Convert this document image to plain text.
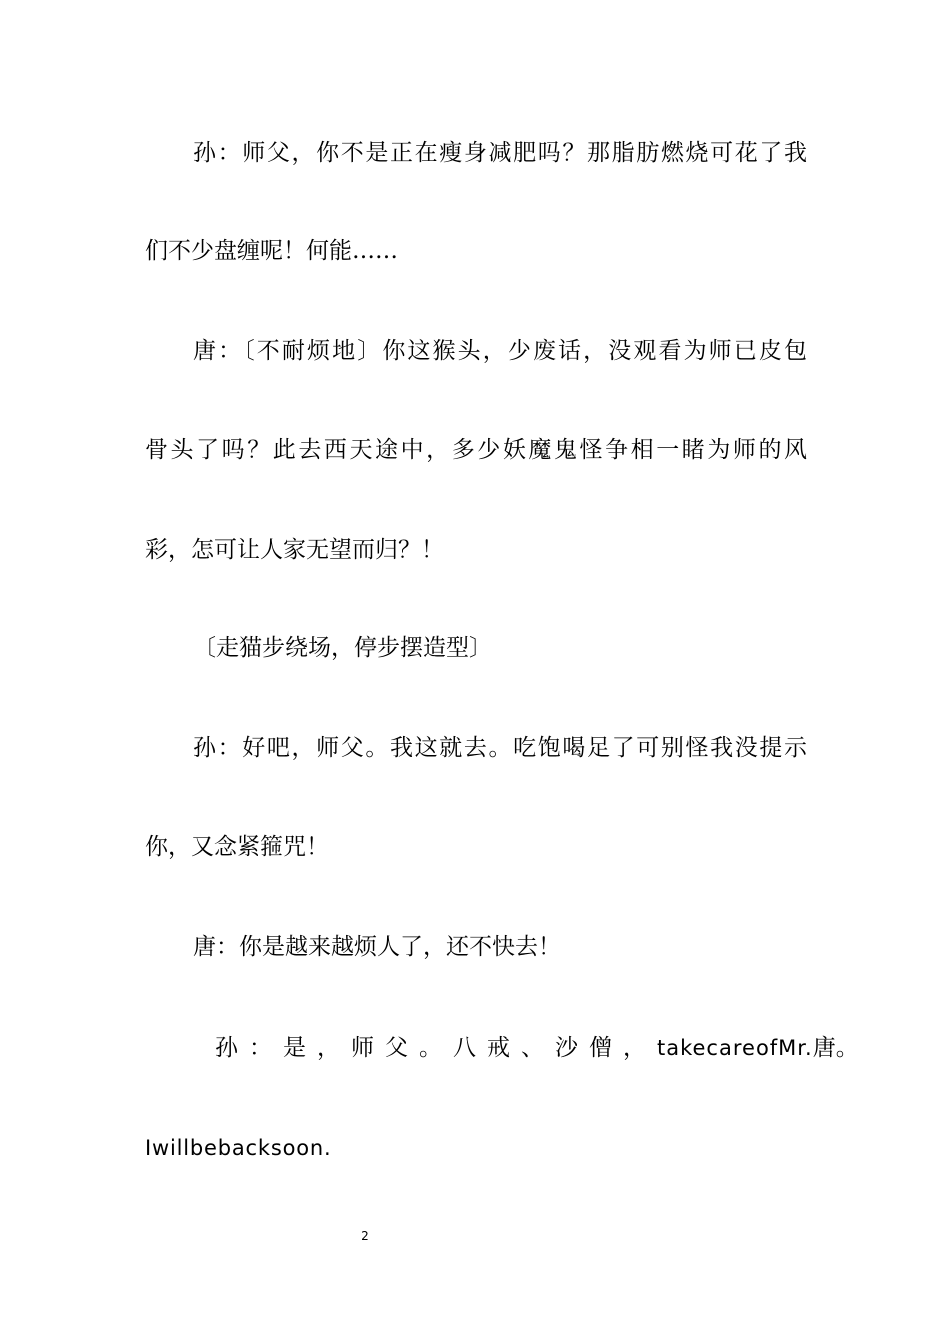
孙：师父，你不是正在瘦身减肥吗？那脂肪燃烧可花了我
们不少盘缠呢！何能……
唐：〔不耐烦地〕你这猴头，少废话，没观看为师已皮包
骨头了吗？此去西天途中，多少妖魔鬼怪争相一睹为师的风
彩，怎可让人家无望而归？！
〔走猫步绕场，停步摆造型〕
孙：好吧，师父。我这就去。吃饱喝足了可别怪我没提示
你，又念紧箍咒！
唐：你是越来越烦人了，还不快去！
孙：是，师父。八戒、沙僧，takecareofMr.唐。
Iwillbebacksoon.
2
